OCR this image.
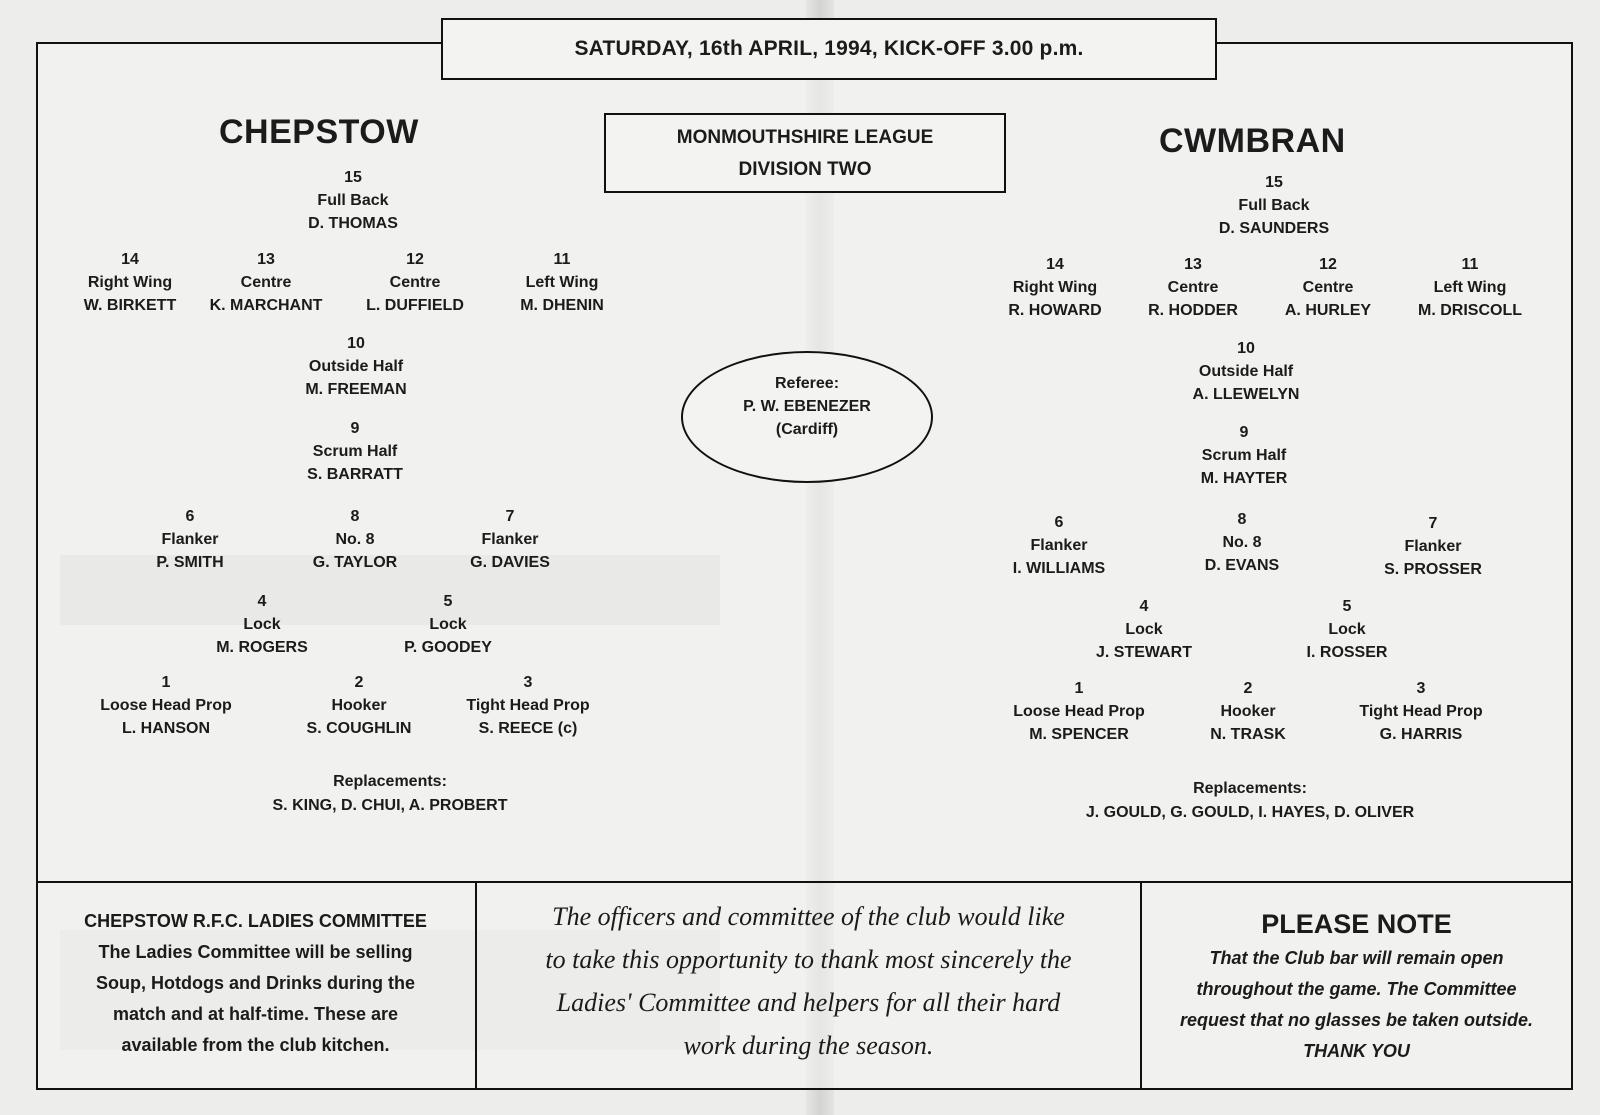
SATURDAY, 16th APRIL, 1994, KICK-OFF 3.00 p.m.
MONMOUTHSHIRE LEAGUE
DIVISION TWO
CHEPSTOW	CWMBRAN
Referee:
P. W. EBENEZER
(Cardiff)
15
Full Back
D. THOMAS
14
Right Wing
W. BIRKETT
13
Centre
K. MARCHANT
12
Centre
L. DUFFIELD
11
Left Wing
M. DHENIN
10
Outside Half
M. FREEMAN
9
Scrum Half
S. BARRATT
6
Flanker
P. SMITH
8
No. 8
G. TAYLOR
7
Flanker
G. DAVIES
4
Lock
M. ROGERS
5
Lock
P. GOODEY
1
Loose Head Prop
L. HANSON
2
Hooker
S. COUGHLIN
3
Tight Head Prop
S. REECE (c)
Replacements:
S. KING, D. CHUI, A. PROBERT
15
Full Back
D. SAUNDERS
14
Right Wing
R. HOWARD
13
Centre
R. HODDER
12
Centre
A. HURLEY
11
Left Wing
M. DRISCOLL
10
Outside Half
A. LLEWELYN
9
Scrum Half
M. HAYTER
6
Flanker
I. WILLIAMS
8
No. 8
D. EVANS
7
Flanker
S. PROSSER
4
Lock
J. STEWART
5
Lock
I. ROSSER
1
Loose Head Prop
M. SPENCER
2
Hooker
N. TRASK
3
Tight Head Prop
G. HARRIS
Replacements:
J. GOULD, G. GOULD, I. HAYES, D. OLIVER
CHEPSTOW R.F.C. LADIES COMMITTEE
The Ladies Committee will be selling
Soup, Hotdogs and Drinks during the
match and at half-time. These are
available from the club kitchen.
The officers and committee of the club would like
to take this opportunity to thank most sincerely the
Ladies' Committee and helpers for all their hard
work during the season.
PLEASE NOTE
That the Club bar will remain open
throughout the game. The Committee
request that no glasses be taken outside.
THANK YOU
